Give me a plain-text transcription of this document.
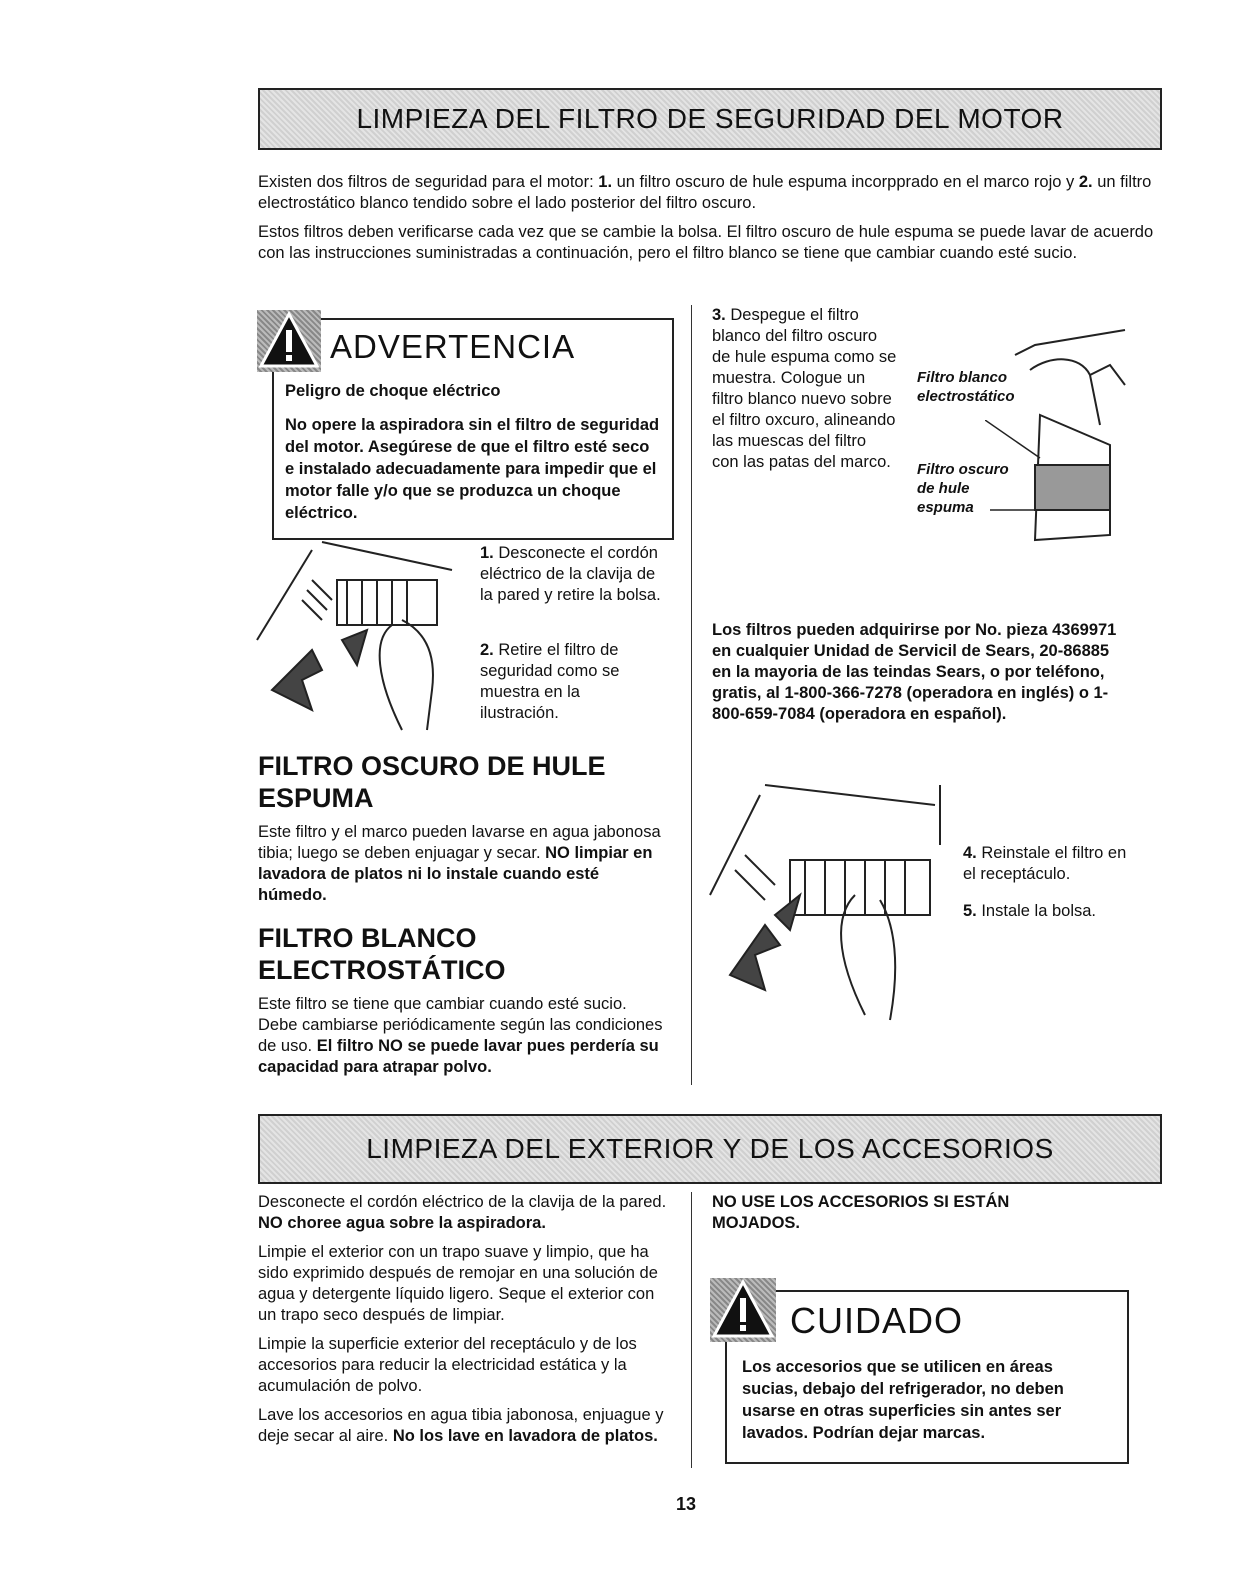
LIMPIEZA DEL FILTRO DE SEGURIDAD DEL MOTOR

Existen dos filtros de seguridad para el motor: 1. un filtro oscuro de hule espuma incorpprado en el marco rojo y 2. un filtro electrostático blanco tendido sobre el lado posterior del filtro oscuro.

Estos filtros deben verificarse cada vez que se cambie la bolsa. El filtro oscuro de hule espuma se puede lavar de acuerdo con las instrucciones suministradas a continuación, pero el filtro blanco se tiene que cambiar cuando esté sucio.

ADVERTENCIA
Peligro de choque eléctrico
No opere la aspiradora sin el filtro de seguridad del motor. Asegúrese de que el filtro esté seco e instalado adecuadamente para impedir que el motor falle y/o que se produzca un choque eléctrico.
1. Desconecte el cordón eléctrico de la clavija de la pared y retire la bolsa.
2. Retire el filtro de seguridad como se muestra en la ilustración.
FILTRO OSCURO DE HULE ESPUMA
Este filtro y el marco pueden lavarse en agua jabonosa tibia; luego se deben enjuagar y secar. NO limpiar en lavadora de platos ni lo instale cuando esté húmedo.
FILTRO BLANCO ELECTROSTÁTICO
Este filtro se tiene que cambiar cuando esté sucio. Debe cambiarse periódicamente según las condiciones de uso. El filtro NO se puede lavar pues perdería su capacidad para atrapar polvo.
3. Despegue el filtro blanco del filtro oscuro de hule espuma como se muestra. Cologue un filtro blanco nuevo sobre el filtro oxcuro, alineando las muescas del filtro con las patas del marco.
Filtro blanco electrostático
Filtro oscuro de hule espuma
Los filtros pueden adquirirse por No. pieza 4369971 en cualquier Unidad de Servicil de Sears, 20-86885 en la mayoria de las teindas Sears, o por teléfono, gratis, al 1-800-366-7278 (operadora en inglés) o 1-800-659-7084 (operadora en español).
4. Reinstale el filtro en el receptáculo.
5. Instale la bolsa.
LIMPIEZA DEL EXTERIOR Y DE LOS ACCESORIOS

Desconecte el cordón eléctrico de la clavija de la pared. NO choree agua sobre la aspiradora.

Limpie el exterior con un trapo suave y limpio, que ha sido exprimido después de remojar en una solución de agua y detergente líquido ligero. Seque el exterior con un trapo seco después de limpiar.

Limpie la superficie exterior del receptáculo y de los accesorios para reducir la electricidad estática y la acumulación de polvo.

Lave los accesorios en agua tibia jabonosa, enjuague y deje secar al aire. No los lave en lavadora de platos.

NO USE LOS ACCESORIOS SI ESTÁN MOJADOS.
CUIDADO
Los accesorios que se utilicen en áreas sucias, debajo del refrigerador, no deben usarse en otras superficies sin antes ser lavados. Podrían dejar marcas.
13
